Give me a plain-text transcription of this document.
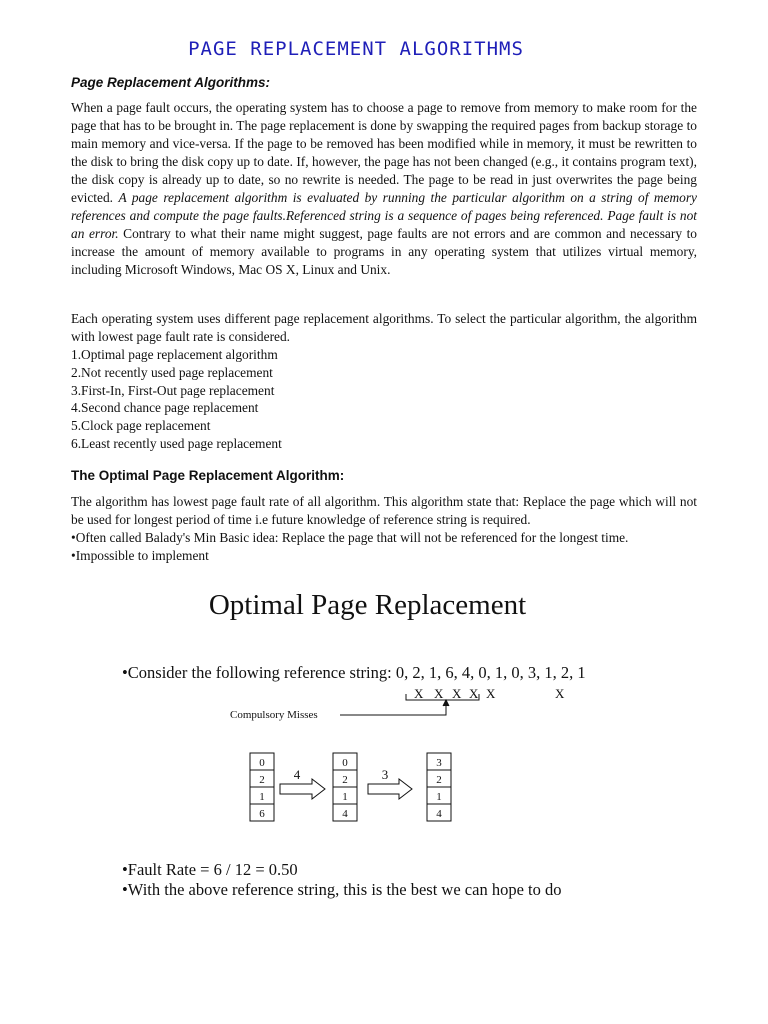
PAGE REPLACEMENT ALGORITHMS
Page Replacement Algorithms:

When a page fault occurs, the operating system has to choose a page to remove from memory to make room for the page that has to be brought in. The page replacement is done by swapping the required pages from backup storage to main memory and vice-versa. If the page to be removed has been modified while in memory, it must be rewritten to the disk to bring the disk copy up to date. If, however, the page has not been changed (e.g., it contains program text), the disk copy is already up to date, so no rewrite is needed. The page to be read in just overwrites the page being evicted. A page replacement algorithm is evaluated by running the particular algorithm on a string of memory references and compute the page faults.Referenced string is a sequence of pages being referenced. Page fault is not an error. Contrary to what their name might suggest, page faults are not errors and are common and necessary to increase the amount of memory available to programs in any operating system that utilizes virtual memory, including Microsoft Windows, Mac OS X, Linux and Unix.

Each operating system uses different page replacement algorithms. To select the particular algorithm, the algorithm with lowest page fault rate is considered.

1.Optimal page replacement algorithm
2.Not recently used page replacement
3.First-In, First-Out page replacement
4.Second chance page replacement
5.Clock page replacement
6.Least recently used page replacement
The Optimal Page Replacement Algorithm:

The algorithm has lowest page fault rate of all algorithm. This algorithm state that: Replace the page which will not be used for longest period of time i.e future knowledge of reference string is required.

•Often called Balady's Min Basic idea: Replace the page that will not be referenced for the longest time.
•Impossible to implement
Optimal Page Replacement
•Consider the following reference string: 0, 2, 1, 6, 4, 0, 1, 0, 3, 1, 2, 1
X X X X X	X
Compulsory Misses
0
2
1
6
0
2
1
4
3
2
1
4
4	3
•Fault Rate = 6 / 12 = 0.50
•With the above reference string, this is the best we can hope to do
